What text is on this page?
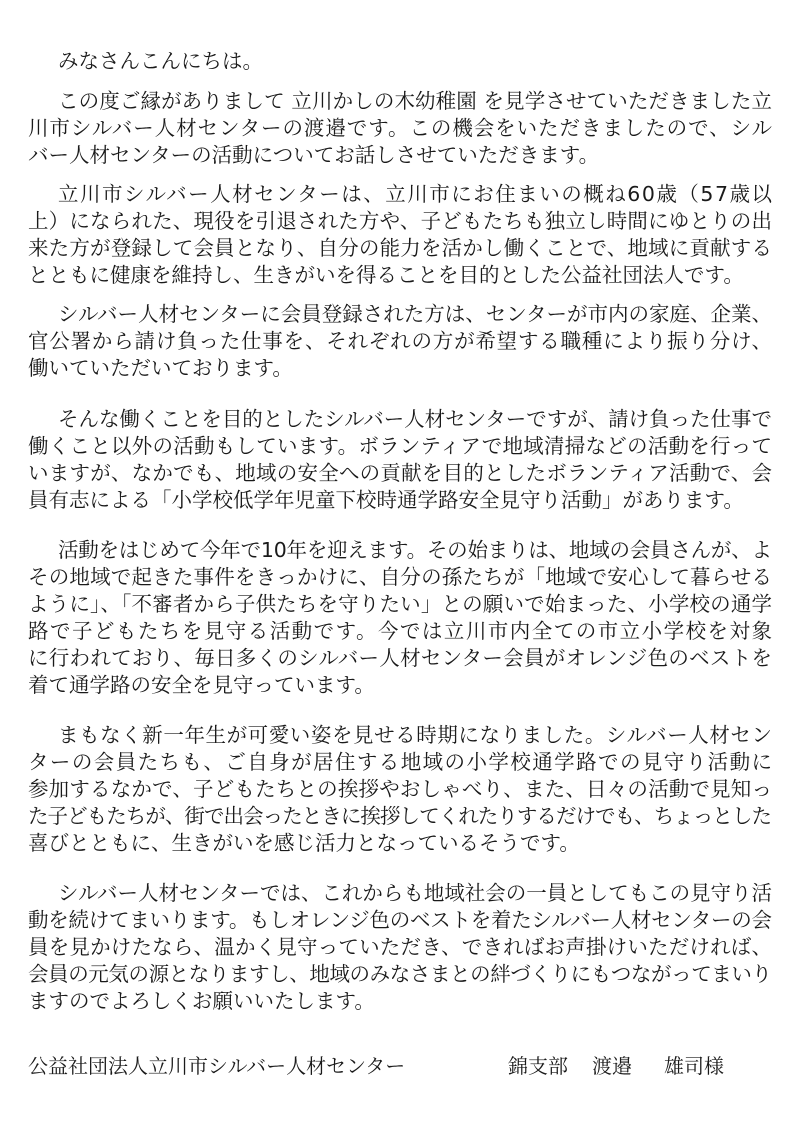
みなさんこんにちは。
この度ご縁がありまして 立川かしの木幼稚園 を見学させていただきました立
川市シルバー人材センターの渡邉です。この機会をいただきましたので、シル
バー人材センターの活動についてお話しさせていただきます。
立川市シルバー人材センターは、立川市にお住まいの概ね60歳（57歳以
上）になられた、現役を引退された方や、子どもたちも独立し時間にゆとりの出
来た方が登録して会員となり、自分の能力を活かし働くことで、地域に貢献する
とともに健康を維持し、生きがいを得ることを目的とした公益社団法人です。
シルバー人材センターに会員登録された方は、センターが市内の家庭、企業、
官公署から請け負った仕事を、それぞれの方が希望する職種により振り分け、
働いていただいております。
そんな働くことを目的としたシルバー人材センターですが、請け負った仕事で
働くこと以外の活動もしています。ボランティアで地域清掃などの活動を行って
いますが、なかでも、地域の安全への貢献を目的としたボランティア活動で、会
員有志による「小学校低学年児童下校時通学路安全見守り活動」があります。
活動をはじめて今年で10年を迎えます。その始まりは、地域の会員さんが、よ
その地域で起きた事件をきっかけに、自分の孫たちが「地域で安心して暮らせる
ように」、「不審者から子供たちを守りたい」との願いで始まった、小学校の通学
路で子どもたちを見守る活動です。今では立川市内全ての市立小学校を対象
に行われており、毎日多くのシルバー人材センター会員がオレンジ色のベストを
着て通学路の安全を見守っています。
まもなく新一年生が可愛い姿を見せる時期になりました。シルバー人材セン
ターの会員たちも、ご自身が居住する地域の小学校通学路での見守り活動に
参加するなかで、子どもたちとの挨拶やおしゃべり、また、日々の活動で見知っ
た子どもたちが、街で出会ったときに挨拶してくれたりするだけでも、ちょっとした
喜びとともに、生きがいを感じ活力となっているそうです。
シルバー人材センターでは、これからも地域社会の一員としてもこの見守り活
動を続けてまいります。もしオレンジ色のベストを着たシルバー人材センターの会
員を見かけたなら、温かく見守っていただき、できればお声掛けいただければ、
会員の元気の源となりますし、地域のみなさまとの絆づくりにもつながってまいり
ますのでよろしくお願いいたします。
公益社団法人立川市シルバー人材センター	錦支部 渡邉 雄司様
